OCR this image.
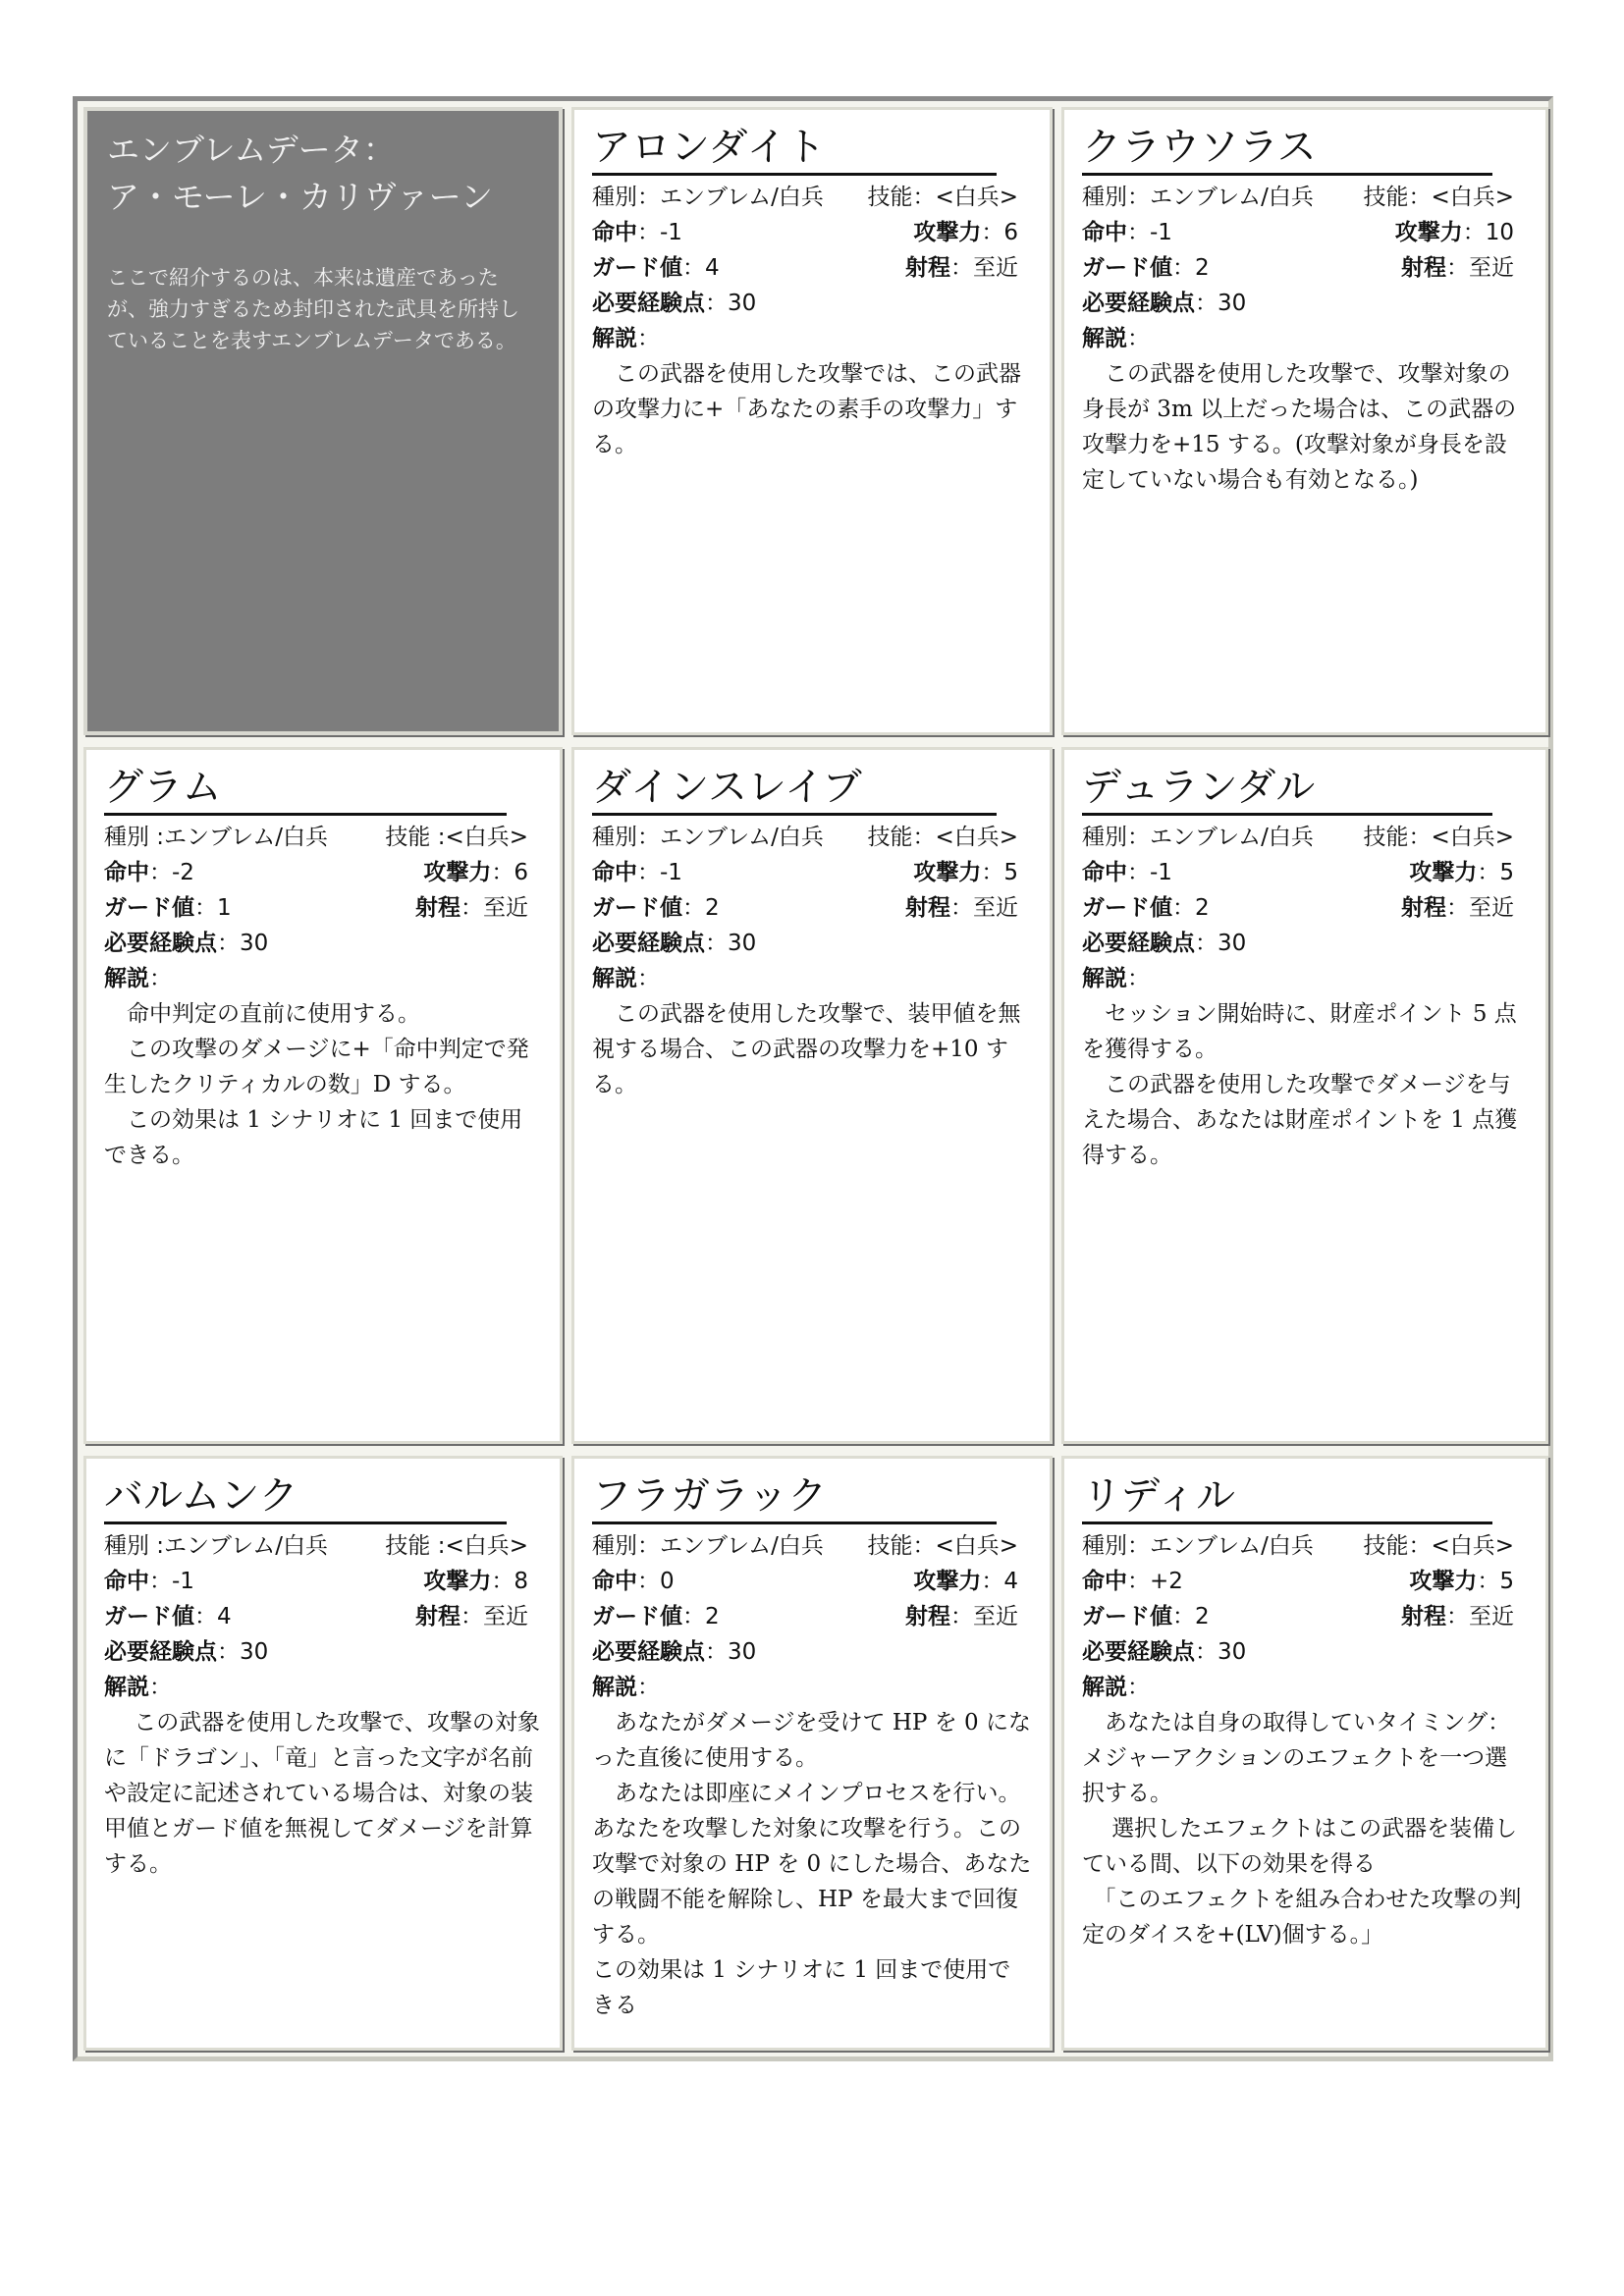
エンブレムデータ：
ア・モーレ・カリヴァーン
ここで紹介するのは、本来は遺産であったが、強力すぎるため封印された武具を所持していることを表すエンブレムデータである。
アロンダイト
種別：エンブレム/白兵 技能：<白兵>
命中：-1	攻撃力：6
ガード値：4	射程：至近
必要経験点：30
解説：

　この武器を使用した攻撃では、この武器の攻撃力に+「あなたの素手の攻撃力」する。

クラウソラス
種別：エンブレム/白兵 技能：<白兵>
命中：-1	攻撃力：10
ガード値：2	射程：至近
必要経験点：30
解説：

　この武器を使用した攻撃で、攻撃対象の身長が 3m 以上だった場合は、この武器の攻撃力を+15 する。(攻撃対象が身長を設定していない場合も有効となる。)

グラム
種別 :エンブレム/白兵	技能 :<白兵>
命中：-2	攻撃力：6
ガード値：1	射程：至近
必要経験点：30
解説：

　命中判定の直前に使用する。

　この攻撃のダメージに+「命中判定で発生したクリティカルの数」D する。

　この効果は 1 シナリオに 1 回まで使用できる。

ダインスレイブ
種別：エンブレム/白兵 技能：<白兵>
命中：-1	攻撃力：5
ガード値：2	射程：至近
必要経験点：30
解説：

　この武器を使用した攻撃で、装甲値を無視する場合、この武器の攻撃力を+10 する。

デュランダル
種別：エンブレム/白兵 技能：<白兵>
命中：-1	攻撃力：5
ガード値：2	射程：至近
必要経験点：30
解説：

　セッション開始時に、財産ポイント 5 点を獲得する。

　この武器を使用した攻撃でダメージを与えた場合、あなたは財産ポイントを 1 点獲得する。

バルムンク
種別 :エンブレム/白兵	技能 :<白兵>
命中：-1	攻撃力：8
ガード値：4	射程：至近
必要経験点：30
解説：

　 この武器を使用した攻撃で、攻撃の対象に「ドラゴン」、「竜」と言った文字が名前や設定に記述されている場合は、対象の装甲値とガード値を無視してダメージを計算する。

フラガラック
種別：エンブレム/白兵 技能：<白兵>
命中：0	攻撃力：4
ガード値：2	射程：至近
必要経験点：30
解説：

　あなたがダメージを受けて HP を 0 になった直後に使用する。

　あなたは即座にメインプロセスを行い。あなたを攻撃した対象に攻撃を行う。この攻撃で対象の HP を 0 にした場合、あなたの戦闘不能を解除し、HP を最大まで回復する。

この効果は 1 シナリオに 1 回まで使用できる

リディル
種別：エンブレム/白兵 技能：<白兵>
命中：+2	攻撃力：5
ガード値：2	射程：至近
必要経験点：30
解説：

　あなたは自身の取得していタイミング：メジャーアクションのエフェクトを一つ選択する。

　 選択したエフェクトはこの武器を装備している間、以下の効果を得る

　「このエフェクトを組み合わせた攻撃の判定のダイスを+(LV)個する。」
